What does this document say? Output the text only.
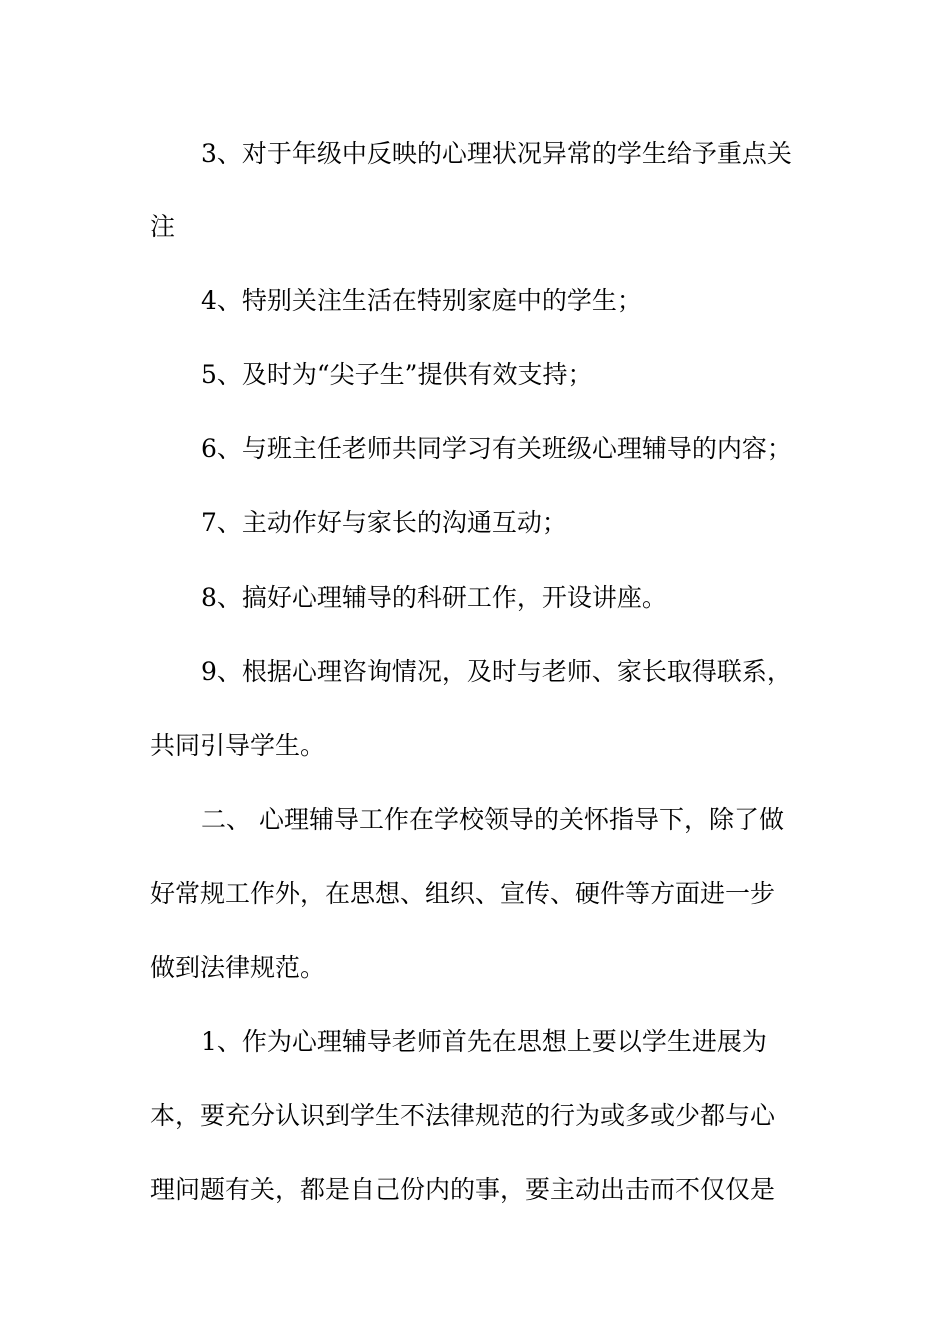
3、对于年级中反映的心理状况异常的学生给予重点关
注
4、特别关注生活在特别家庭中的学生；
5、及时为“尖子生”提供有效支持；
6、与班主任老师共同学习有关班级心理辅导的内容；
7、主动作好与家长的沟通互动；
8、搞好心理辅导的科研工作，开设讲座。
9、根据心理咨询情况，及时与老师、家长取得联系，
共同引导学生。
二、 心理辅导工作在学校领导的关怀指导下，除了做
好常规工作外，在思想、组织、宣传、硬件等方面进一步
做到法律规范。
1、作为心理辅导老师首先在思想上要以学生进展为
本，要充分认识到学生不法律规范的行为或多或少都与心
理问题有关，都是自己份内的事，要主动出击而不仅仅是
